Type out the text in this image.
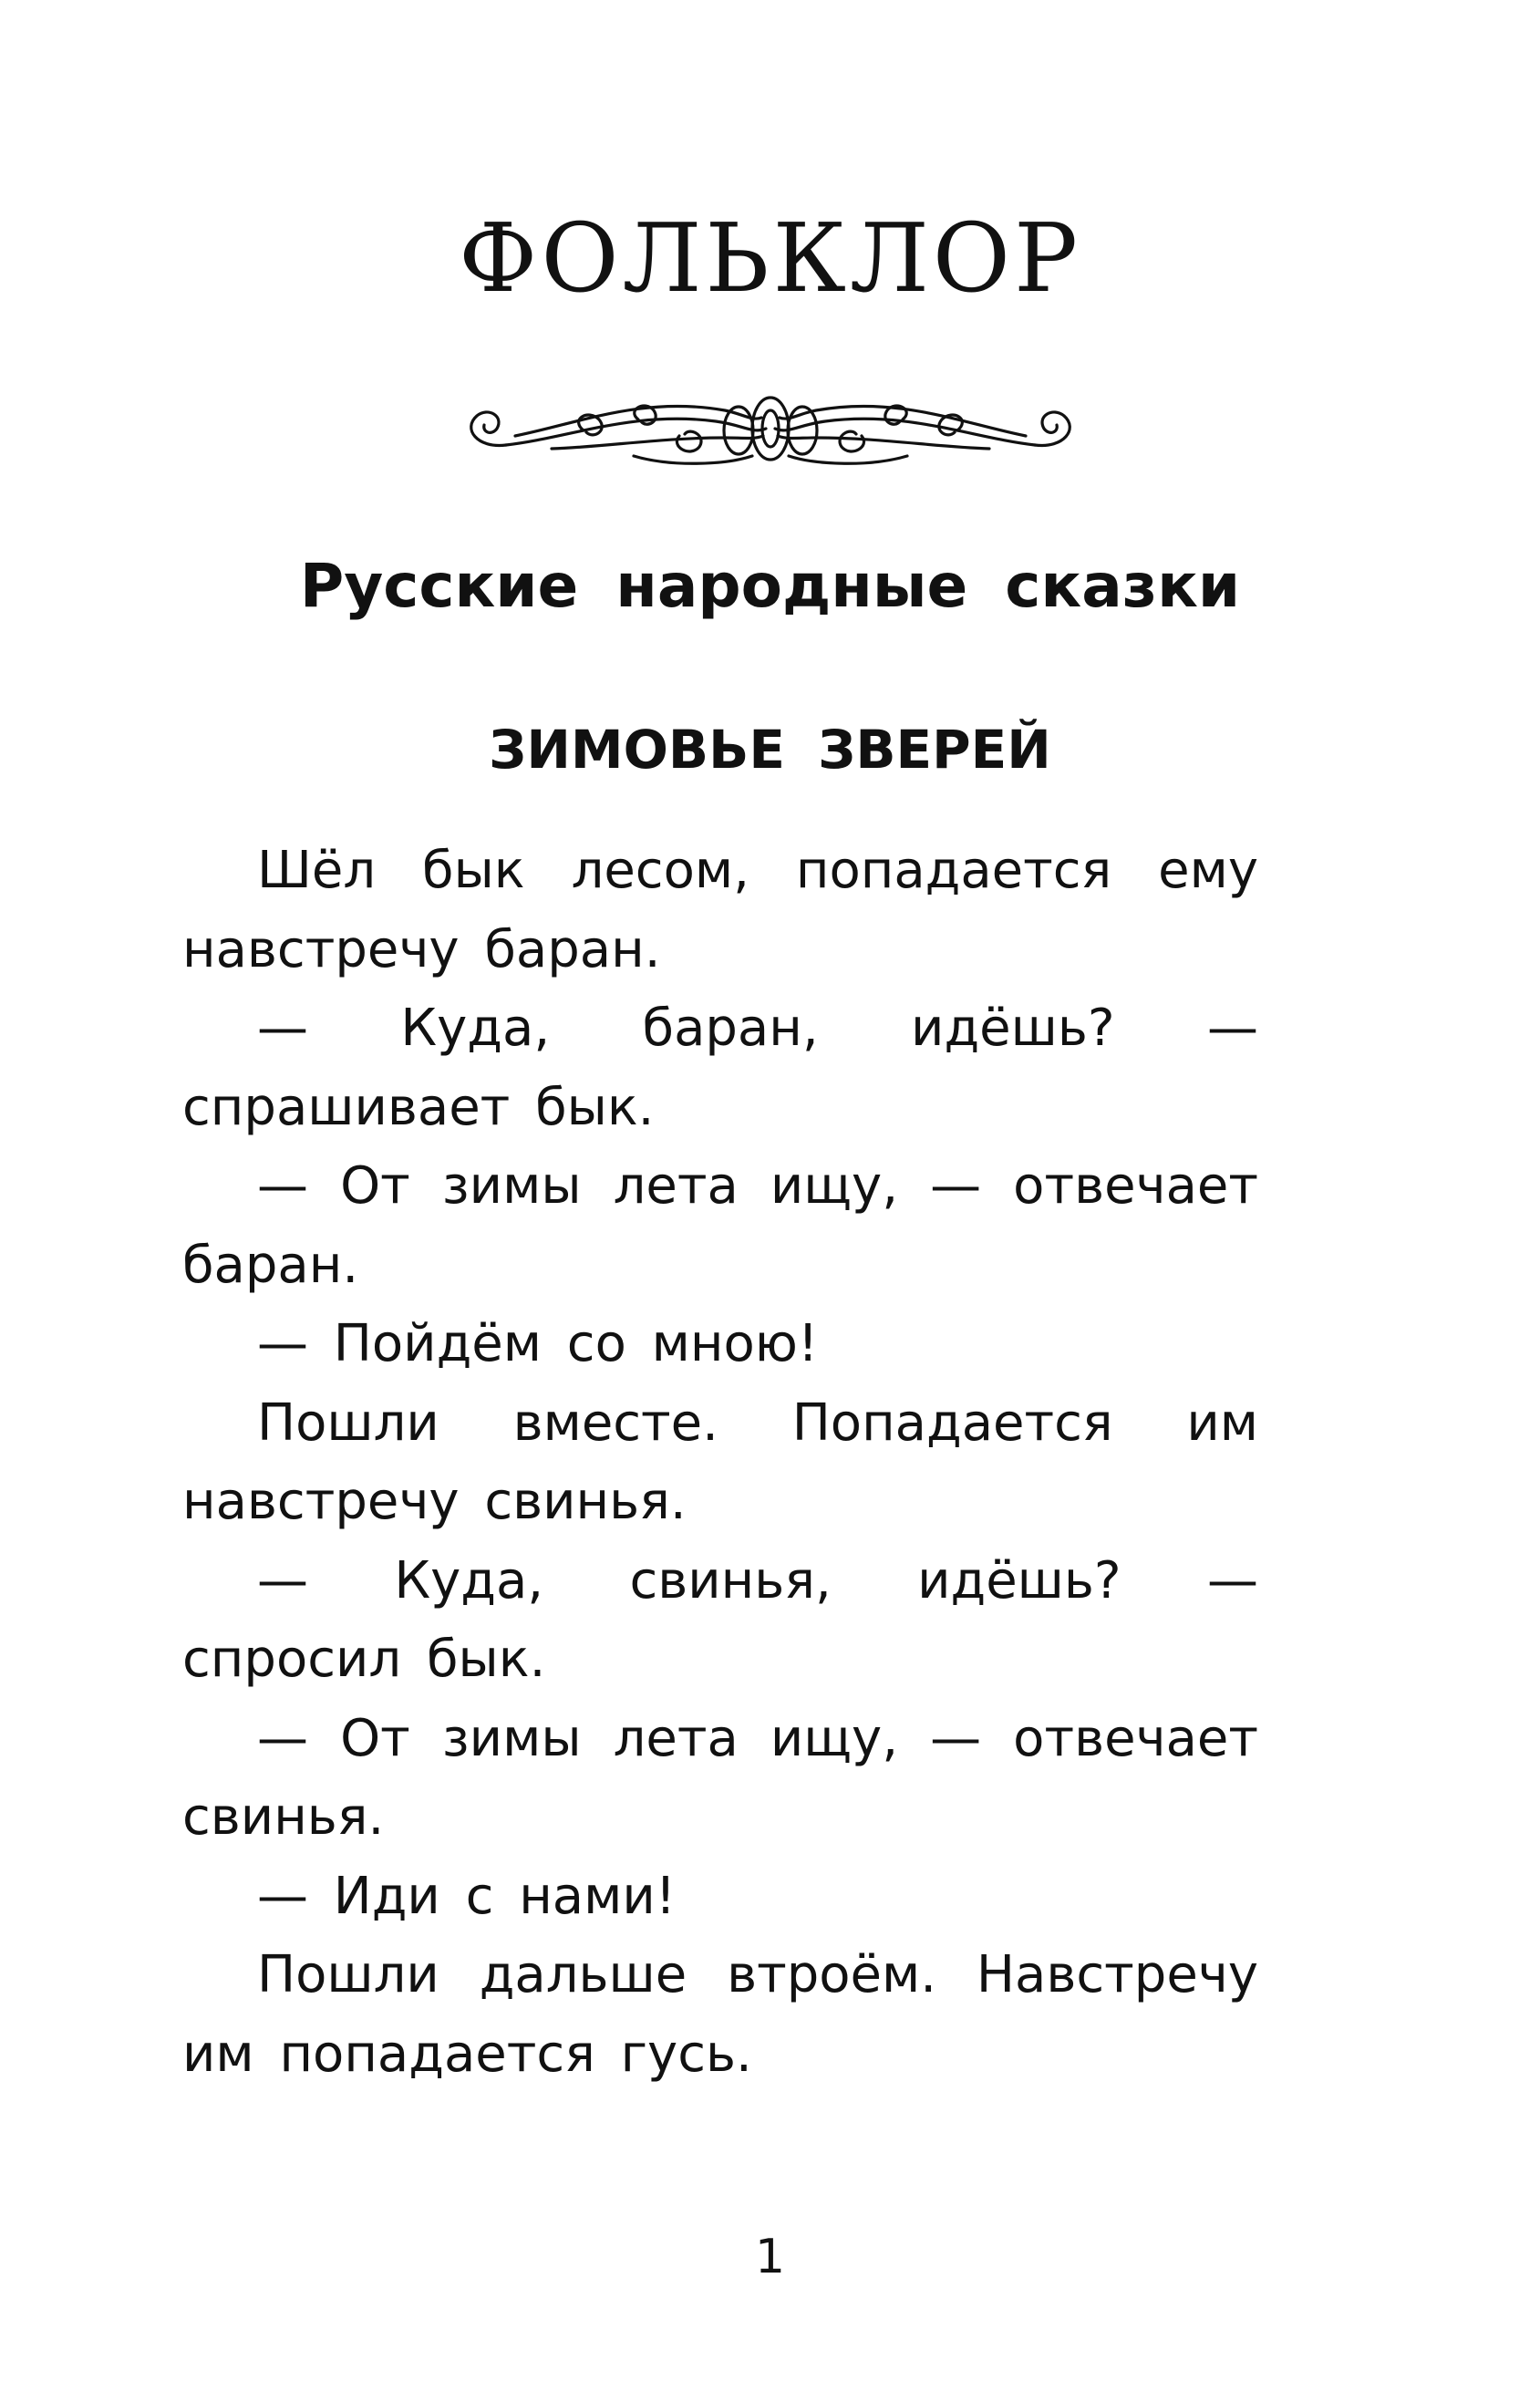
ФОЛЬКЛОР
Русские народные сказки
ЗИМОВЬЕ ЗВЕРЕЙ

Шёл бык лесом, попадается ему навстречу баран.

— Куда, баран, идёшь? — спрашивает бык.

— От зимы лета ищу, — отвечает баран.

— Пойдём со мною!

Пошли вместе. Попадается им навстречу свинья.

— Куда, свинья, идёшь? — спросил бык.

— От зимы лета ищу, — отвечает свинья.

— Иди с нами!

Пошли дальше втроём. Навстречу им попадается гусь.

1
